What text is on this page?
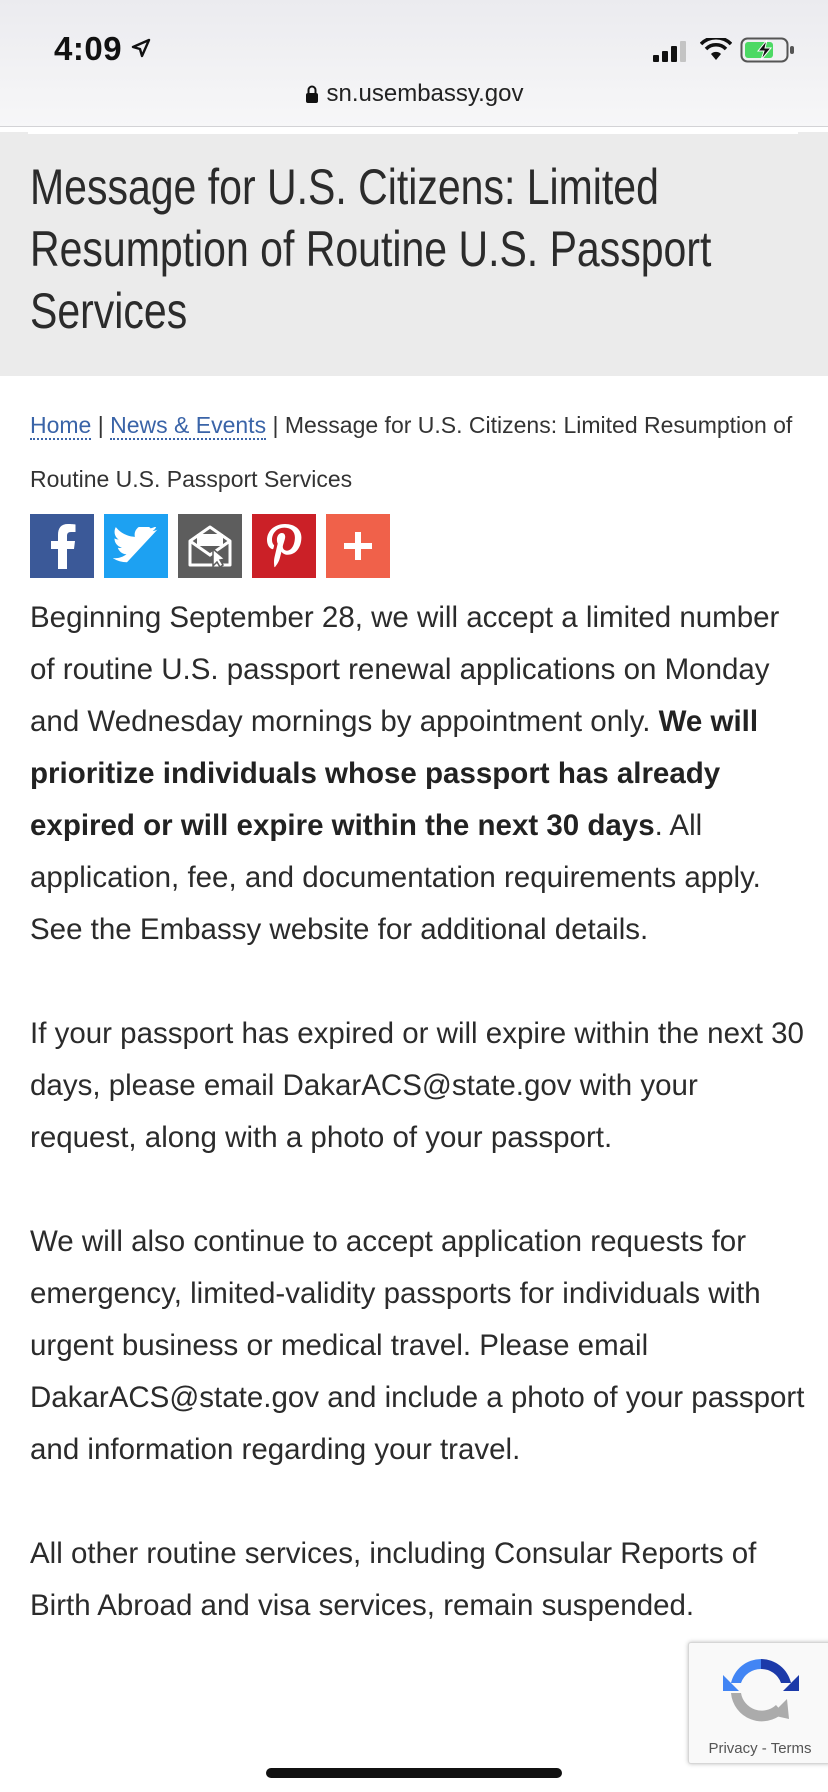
4:09
sn.usembassy.gov
Message for U.S. Citizens: Limited Resumption of Routine U.S. Passport Services
Home | News & Events | Message for U.S. Citizens: Limited Resumption of Routine U.S. Passport Services

Beginning September 28, we will accept a limited number of routine U.S. passport renewal applications on Monday and Wednesday mornings by appointment only. We will prioritize individuals whose passport has already expired or will expire within the next 30 days. All application, fee, and documentation requirements apply. See the Embassy website for additional details.

If your passport has expired or will expire within the next 30 days, please email DakarACS@state.gov with your request, along with a photo of your passport.

We will also continue to accept application requests for emergency, limited-validity passports for individuals with urgent business or medical travel. Please email DakarACS@state.gov and include a photo of your passport and information regarding your travel.

All other routine services, including Consular Reports of Birth Abroad and visa services, remain suspended.

Privacy - Terms
